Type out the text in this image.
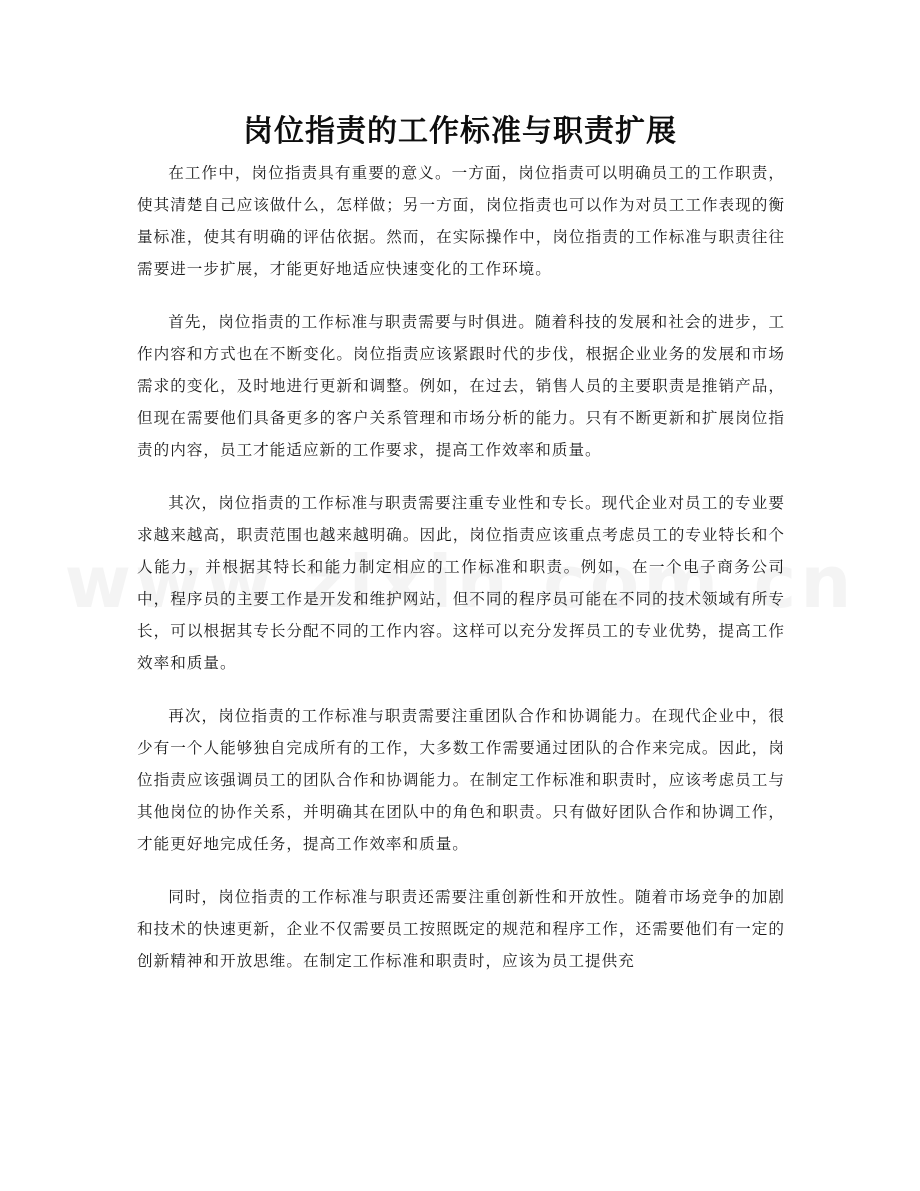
岗位指责的工作标准与职责扩展

在工作中，岗位指责具有重要的意义。一方面，岗位指责可以明确员工的工作职责，使其清楚自己应该做什么，怎样做；另一方面，岗位指责也可以作为对员工工作表现的衡量标准，使其有明确的评估依据。然而，在实际操作中，岗位指责的工作标准与职责往往需要进一步扩展，才能更好地适应快速变化的工作环境。

首先，岗位指责的工作标准与职责需要与时俱进。随着科技的发展和社会的进步，工作内容和方式也在不断变化。岗位指责应该紧跟时代的步伐，根据企业业务的发展和市场需求的变化，及时地进行更新和调整。例如，在过去，销售人员的主要职责是推销产品，但现在需要他们具备更多的客户关系管理和市场分析的能力。只有不断更新和扩展岗位指责的内容，员工才能适应新的工作要求，提高工作效率和质量。

其次，岗位指责的工作标准与职责需要注重专业性和专长。现代企业对员工的专业要求越来越高，职责范围也越来越明确。因此，岗位指责应该重点考虑员工的专业特长和个人能力，并根据其特长和能力制定相应的工作标准和职责。例如，在一个电子商务公司中，程序员的主要工作是开发和维护网站，但不同的程序员可能在不同的技术领域有所专长，可以根据其专长分配不同的工作内容。这样可以充分发挥员工的专业优势，提高工作效率和质量。

再次，岗位指责的工作标准与职责需要注重团队合作和协调能力。在现代企业中，很少有一个人能够独自完成所有的工作，大多数工作需要通过团队的合作来完成。因此，岗位指责应该强调员工的团队合作和协调能力。在制定工作标准和职责时，应该考虑员工与其他岗位的协作关系，并明确其在团队中的角色和职责。只有做好团队合作和协调工作，才能更好地完成任务，提高工作效率和质量。

同时，岗位指责的工作标准与职责还需要注重创新性和开放性。随着市场竞争的加剧和技术的快速更新，企业不仅需要员工按照既定的规范和程序工作，还需要他们有一定的创新精神和开放思维。在制定工作标准和职责时，应该为员工提供充
